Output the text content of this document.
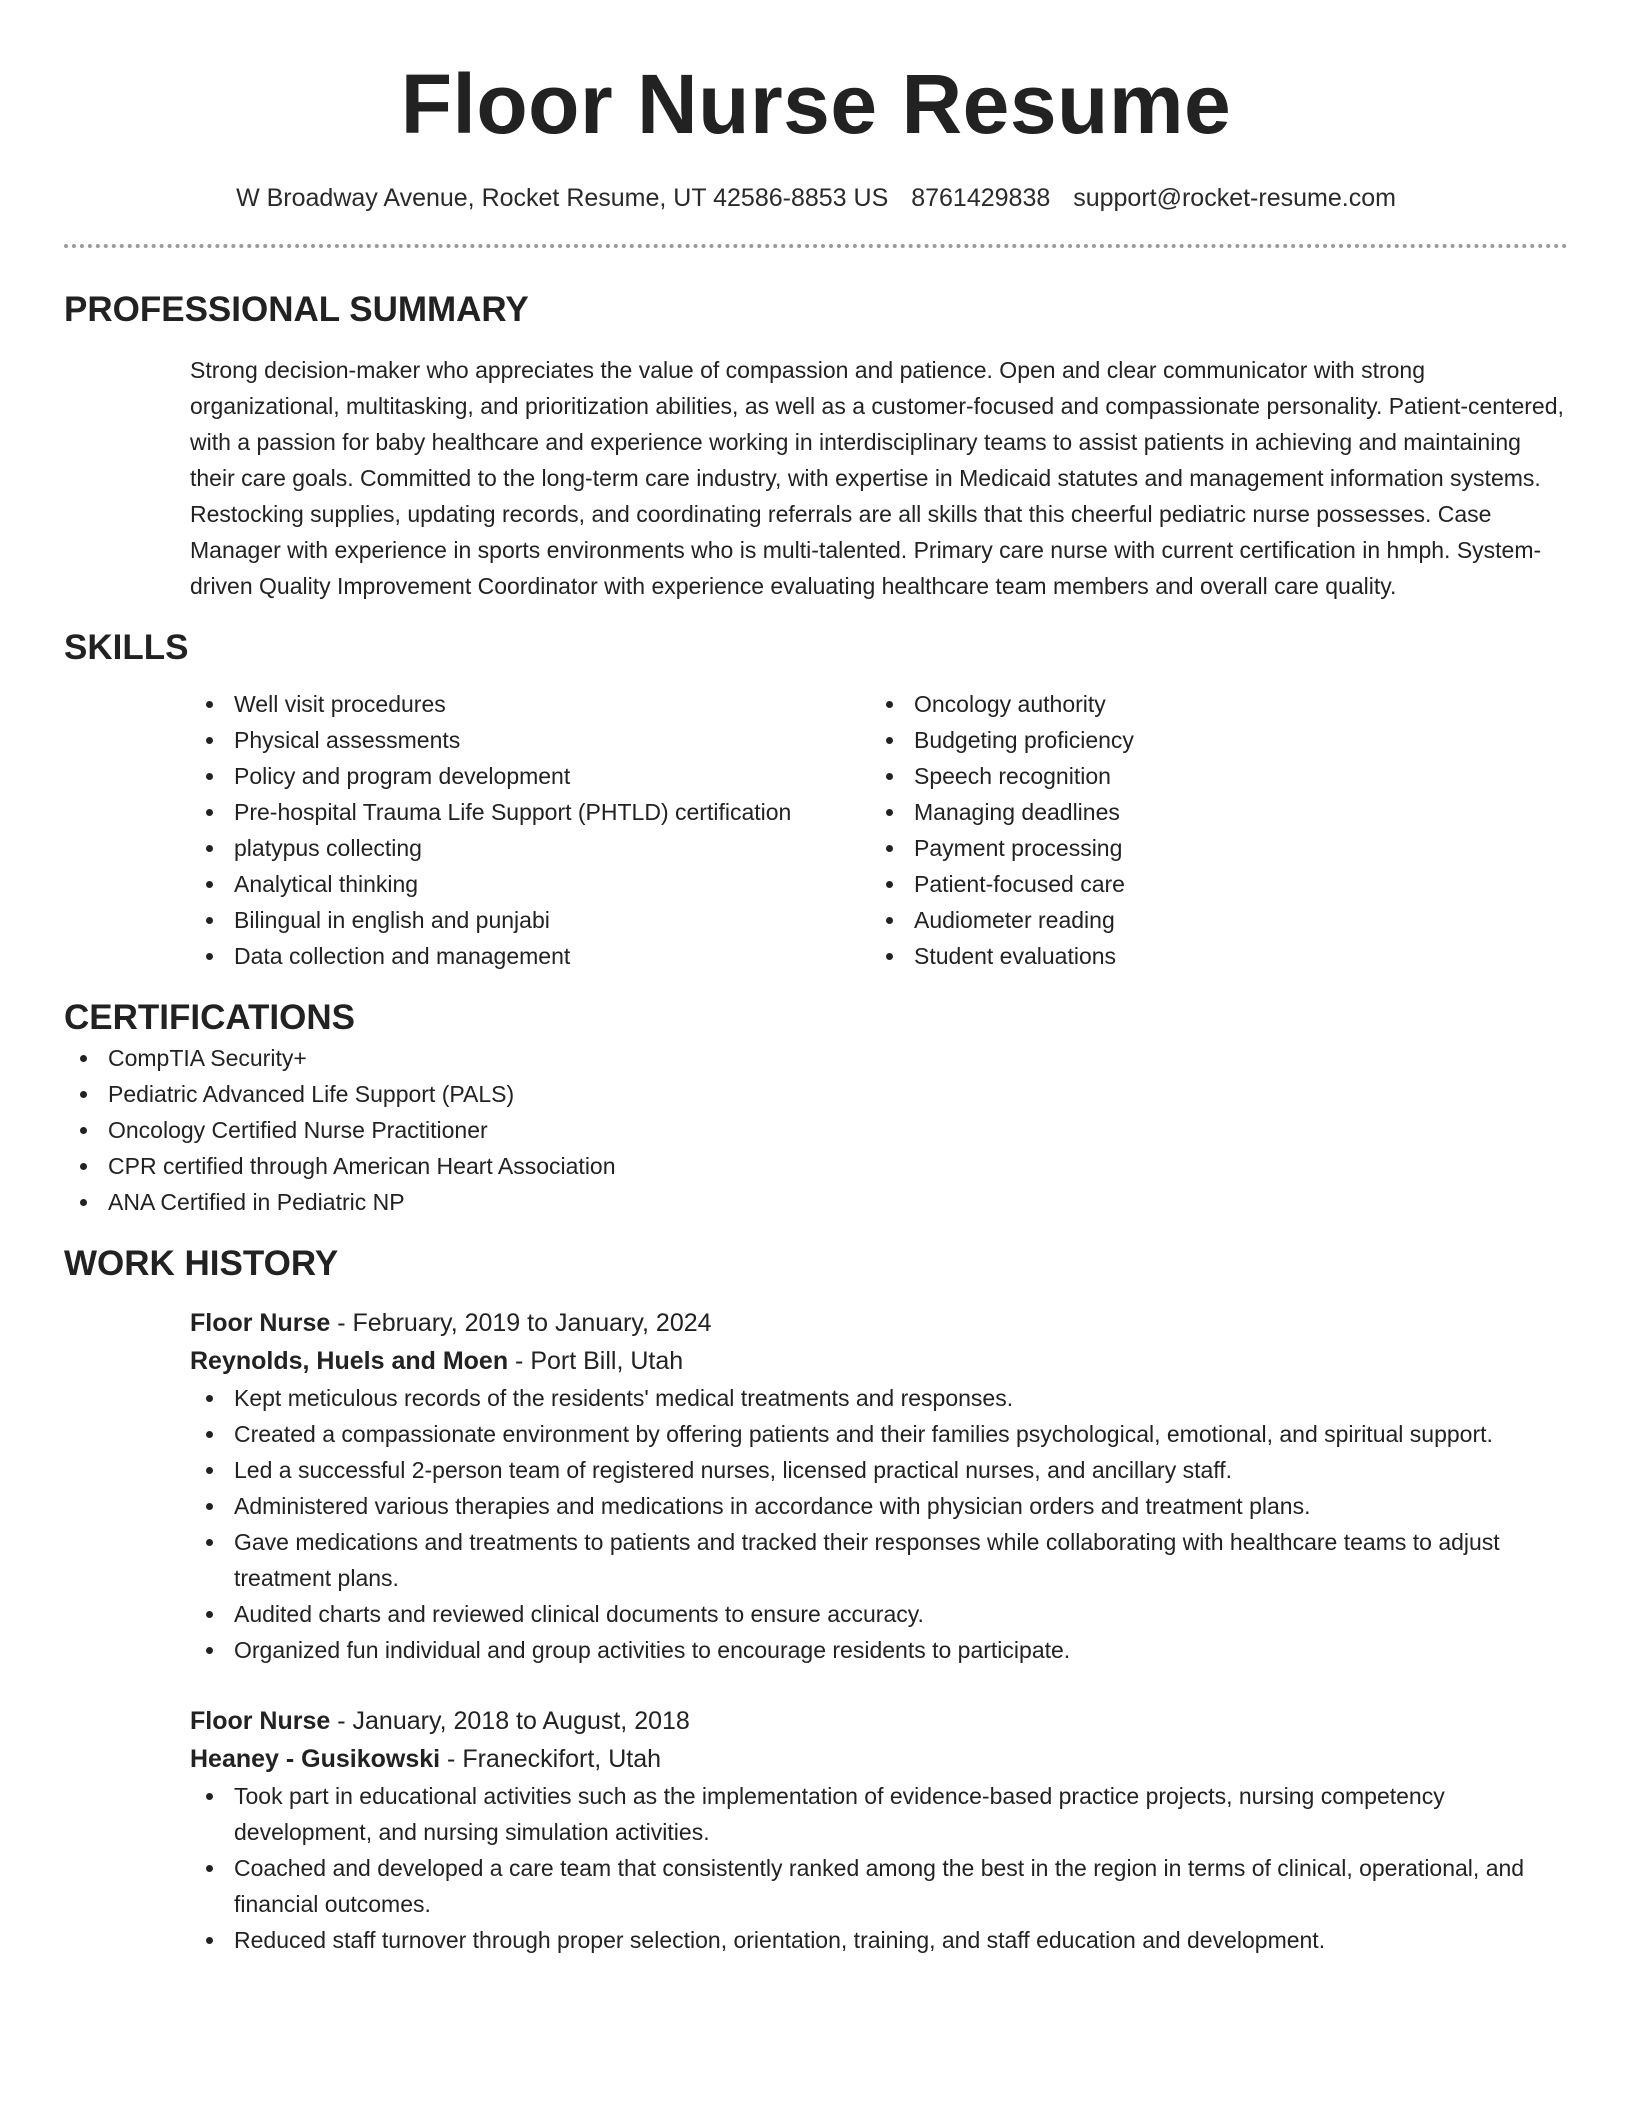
Floor Nurse Resume
W Broadway Avenue, Rocket Resume, UT 42586-8853 US 8761429838 support@rocket-resume.com
PROFESSIONAL SUMMARY

Strong decision-maker who appreciates the value of compassion and patience. Open and clear communicator with strong organizational, multitasking, and prioritization abilities, as well as a customer-focused and compassionate personality. Patient-centered, with a passion for baby healthcare and experience working in interdisciplinary teams to assist patients in achieving and maintaining their care goals. Committed to the long-term care industry, with expertise in Medicaid statutes and management information systems. Restocking supplies, updating records, and coordinating referrals are all skills that this cheerful pediatric nurse possesses. Case Manager with experience in sports environments who is multi-talented. Primary care nurse with current certification in hmph. System-driven Quality Improvement Coordinator with experience evaluating healthcare team members and overall care quality.

SKILLS
Well visit procedures
Physical assessments
Policy and program development
Pre-hospital Trauma Life Support (PHTLD) certification
platypus collecting
Analytical thinking
Bilingual in english and punjabi
Data collection and management
Oncology authority
Budgeting proficiency
Speech recognition
Managing deadlines
Payment processing
Patient-focused care
Audiometer reading
Student evaluations
CERTIFICATIONS
CompTIA Security+
Pediatric Advanced Life Support (PALS)
Oncology Certified Nurse Practitioner
CPR certified through American Heart Association
ANA Certified in Pediatric NP
WORK HISTORY
Floor Nurse - February, 2019 to January, 2024
Reynolds, Huels and Moen - Port Bill, Utah
Kept meticulous records of the residents' medical treatments and responses.
Created a compassionate environment by offering patients and their families psychological, emotional, and spiritual support.
Led a successful 2-person team of registered nurses, licensed practical nurses, and ancillary staff.
Administered various therapies and medications in accordance with physician orders and treatment plans.
Gave medications and treatments to patients and tracked their responses while collaborating with healthcare teams to adjust treatment plans.
Audited charts and reviewed clinical documents to ensure accuracy.
Organized fun individual and group activities to encourage residents to participate.
Floor Nurse - January, 2018 to August, 2018
Heaney - Gusikowski - Franeckifort, Utah
Took part in educational activities such as the implementation of evidence-based practice projects, nursing competency development, and nursing simulation activities.
Coached and developed a care team that consistently ranked among the best in the region in terms of clinical, operational, and financial outcomes.
Reduced staff turnover through proper selection, orientation, training, and staff education and development.
